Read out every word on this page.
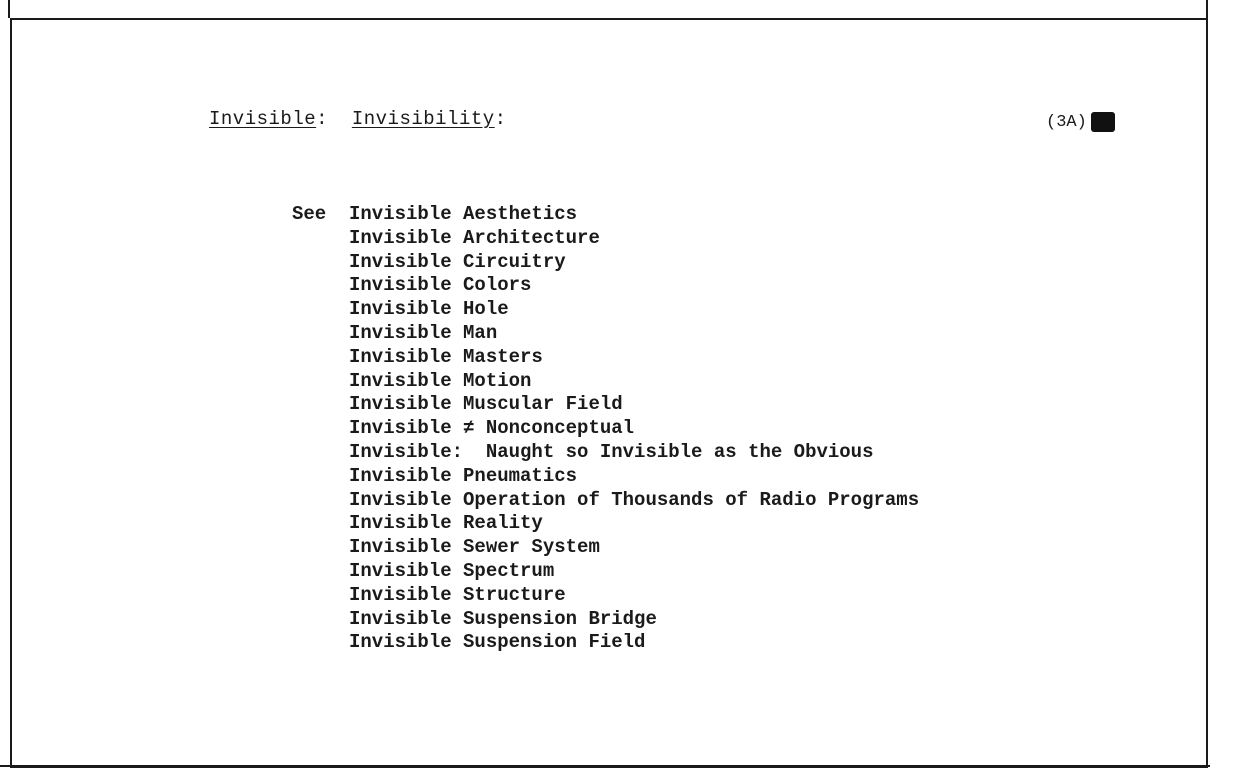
Invisible:  Invisibility:	(3A)
See Invisible Aesthetics
Invisible Architecture
Invisible Circuitry
Invisible Colors
Invisible Hole
Invisible Man
Invisible Masters
Invisible Motion
Invisible Muscular Field
Invisible ≠ Nonconceptual
Invisible:  Naught so Invisible as the Obvious
Invisible Pneumatics
Invisible Operation of Thousands of Radio Programs
Invisible Reality
Invisible Sewer System
Invisible Spectrum
Invisible Structure
Invisible Suspension Bridge
Invisible Suspension Field
